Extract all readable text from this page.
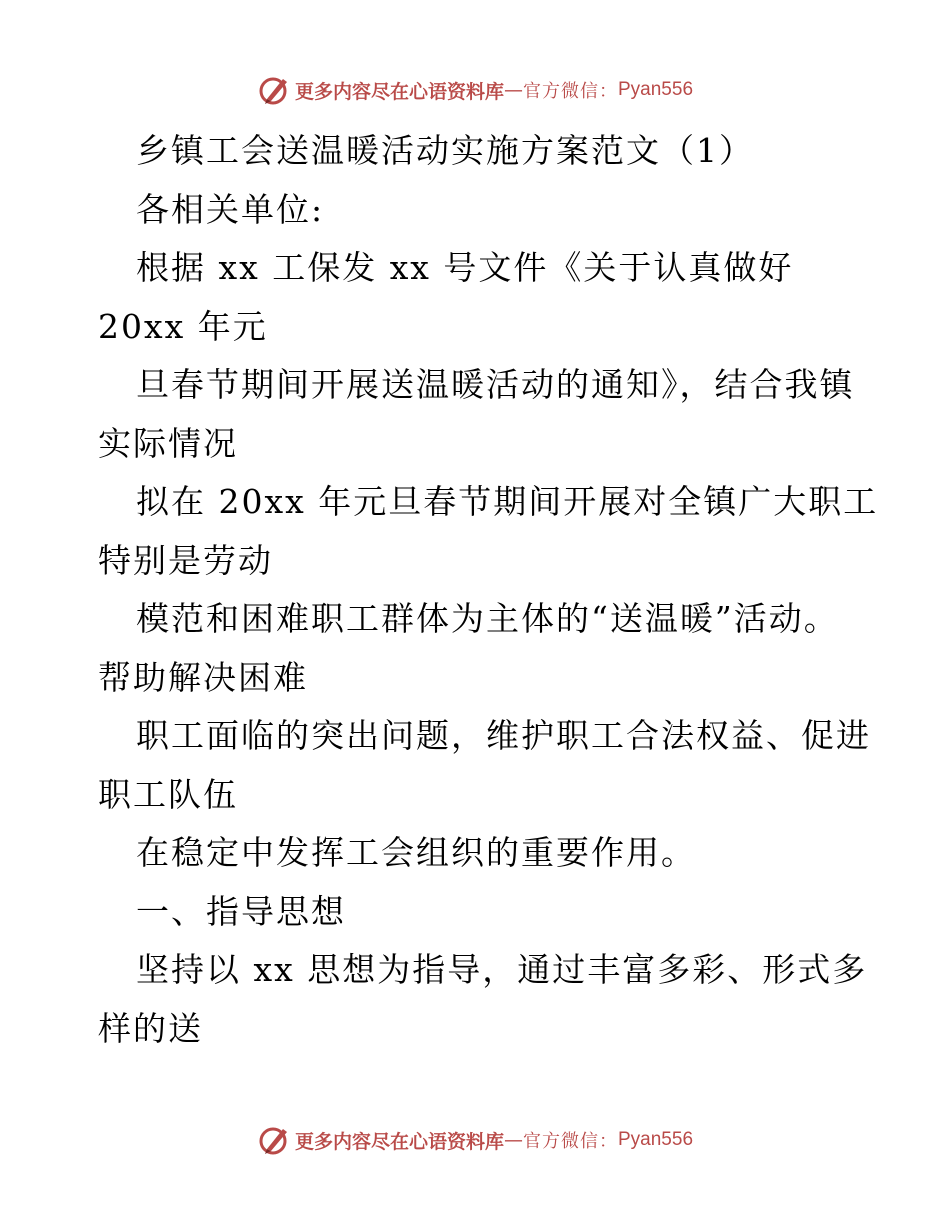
更多内容尽在心语资料库 — 官方微信： Pyan556
乡镇工会送温暖活动实施方案范文（1）
各相关单位:
根据 xx 工保发 xx 号文件《关于认真做好
20xx 年元
旦春节期间开展送温暖活动的通知》，结合我镇
实际情况
拟在 20xx 年元旦春节期间开展对全镇广大职工
特别是劳动
模范和困难职工群体为主体的“送温暖”活动。
帮助解决困难
职工面临的突出问题，维护职工合法权益、促进
职工队伍
在稳定中发挥工会组织的重要作用。
一、指导思想
坚持以 xx 思想为指导，通过丰富多彩、形式多
样的送
更多内容尽在心语资料库 — 官方微信： Pyan556
